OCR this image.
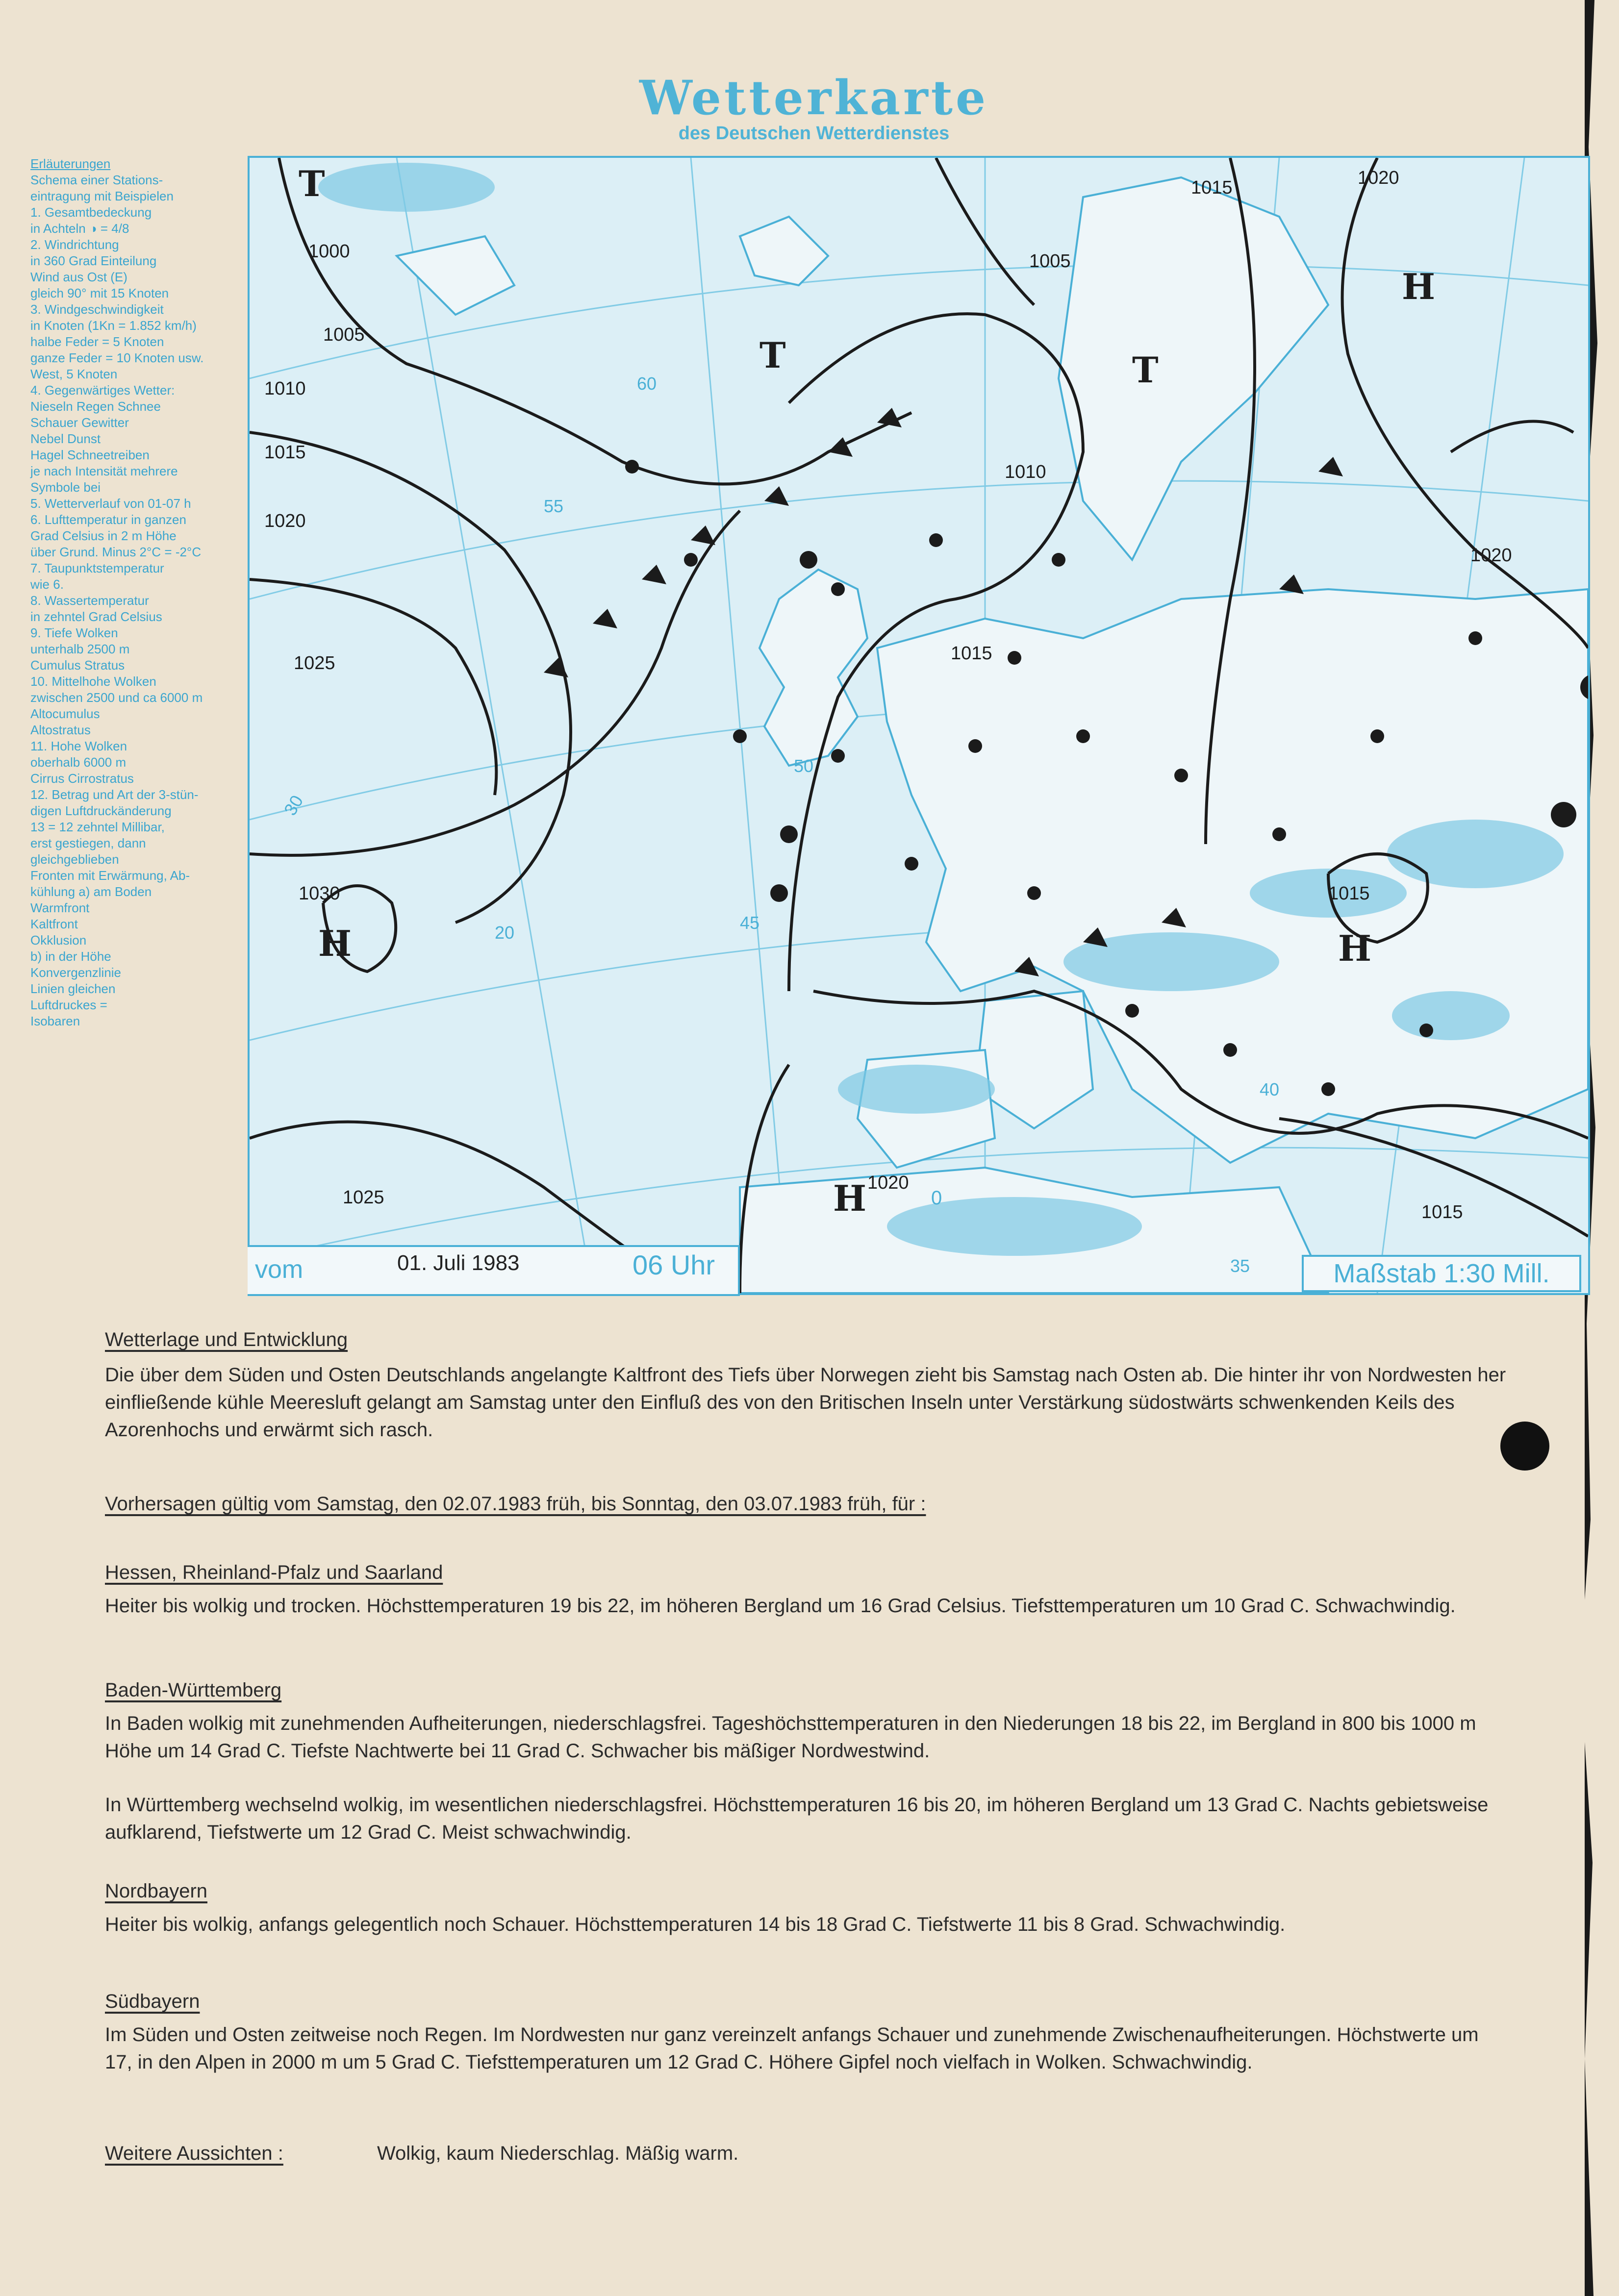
Wetterkarte
des Deutschen Wetterdienstes
Erläuterungen
Schema einer Stations-
eintragung mit Beispielen
1. Gesamtbedeckung
in Achteln ◑ = 4/8
2. Windrichtung
in 360 Grad Einteilung
Wind aus Ost (E)
gleich 90° mit 15 Knoten
3. Windgeschwindigkeit
in Knoten (1Kn = 1.852 km/h)
halbe Feder = 5 Knoten
ganze Feder = 10 Knoten usw.
West, 5 Knoten
4. Gegenwärtiges Wetter:
Nieseln Regen Schnee
Schauer Gewitter
Nebel Dunst
Hagel Schneetreiben
je nach Intensität mehrere
Symbole bei
5. Wetterverlauf von 01-07 h
6. Lufttemperatur in ganzen
Grad Celsius in 2 m Höhe
über Grund. Minus 2°C = -2°C
7. Taupunktstemperatur
wie 6.
8. Wassertemperatur
in zehntel Grad Celsius
9. Tiefe Wolken
unterhalb 2500 m
Cumulus Stratus
10. Mittelhohe Wolken
zwischen 2500 und ca 6000 m
Altocumulus
Altostratus
11. Hohe Wolken
oberhalb 6000 m
Cirrus Cirrostratus
12. Betrag und Art der 3-stün-
digen Luftdruckänderung
13 = 12 zehntel Millibar,
erst gestiegen, dann
gleichgeblieben
Fronten mit Erwärmung, Ab-
kühlung a) am Boden
Warmfront
Kaltfront
Okklusion
b) in der Höhe
Konvergenzlinie
Linien gleichen
Luftdruckes =
Isobaren
1000
1005
1010
1015
1020
1025
1005
1010
1015
1020
1015
1020
1025
1015
1030
1020
1015
T
T	T
H	H
H
H
30
40
45
50
55
60
20
0
35
vom	01. Juli 1983	06 Uhr	Maßstab 1:30 Mill.
Wetterlage und Entwicklung

Die über dem Süden und Osten Deutschlands angelangte Kaltfront des Tiefs über Norwegen zieht bis Samstag nach Osten ab. Die hinter ihr von Nordwesten her einfließende kühle Meeresluft gelangt am Samstag unter den Einfluß des von den Britischen Inseln unter Verstärkung südostwärts schwenkenden Keils des Azorenhochs und erwärmt sich rasch.

Vorhersagen gültig vom Samstag, den 02.07.1983 früh, bis Sonntag, den 03.07.1983 früh, für :
Hessen, Rheinland-Pfalz und Saarland

Heiter bis wolkig und trocken. Höchsttemperaturen 19 bis 22, im höheren Bergland um 16 Grad Celsius. Tiefsttemperaturen um 10 Grad C. Schwachwindig.

Baden-Württemberg

In Baden wolkig mit zunehmenden Aufheiterungen, niederschlagsfrei. Tageshöchsttemperaturen in den Niederungen 18 bis 22, im Bergland in 800 bis 1000 m Höhe um 14 Grad C. Tiefste Nachtwerte bei 11 Grad C. Schwacher bis mäßiger Nordwestwind.

In Württemberg wechselnd wolkig, im wesentlichen niederschlagsfrei. Höchsttemperaturen 16 bis 20, im höheren Bergland um 13 Grad C. Nachts gebietsweise aufklarend, Tiefstwerte um 12 Grad C. Meist schwachwindig.

Nordbayern

Heiter bis wolkig, anfangs gelegentlich noch Schauer. Höchsttemperaturen 14 bis 18 Grad C. Tiefstwerte 11 bis 8 Grad. Schwachwindig.

Südbayern

Im Süden und Osten zeitweise noch Regen. Im Nordwesten nur ganz vereinzelt anfangs Schauer und zunehmende Zwischenaufheiterungen. Höchstwerte um 17, in den Alpen in 2000 m um 5 Grad C. Tiefsttemperaturen um 12 Grad C. Höhere Gipfel noch vielfach in Wolken. Schwachwindig.

Weitere Aussichten :	Wolkig, kaum Niederschlag. Mäßig warm.
